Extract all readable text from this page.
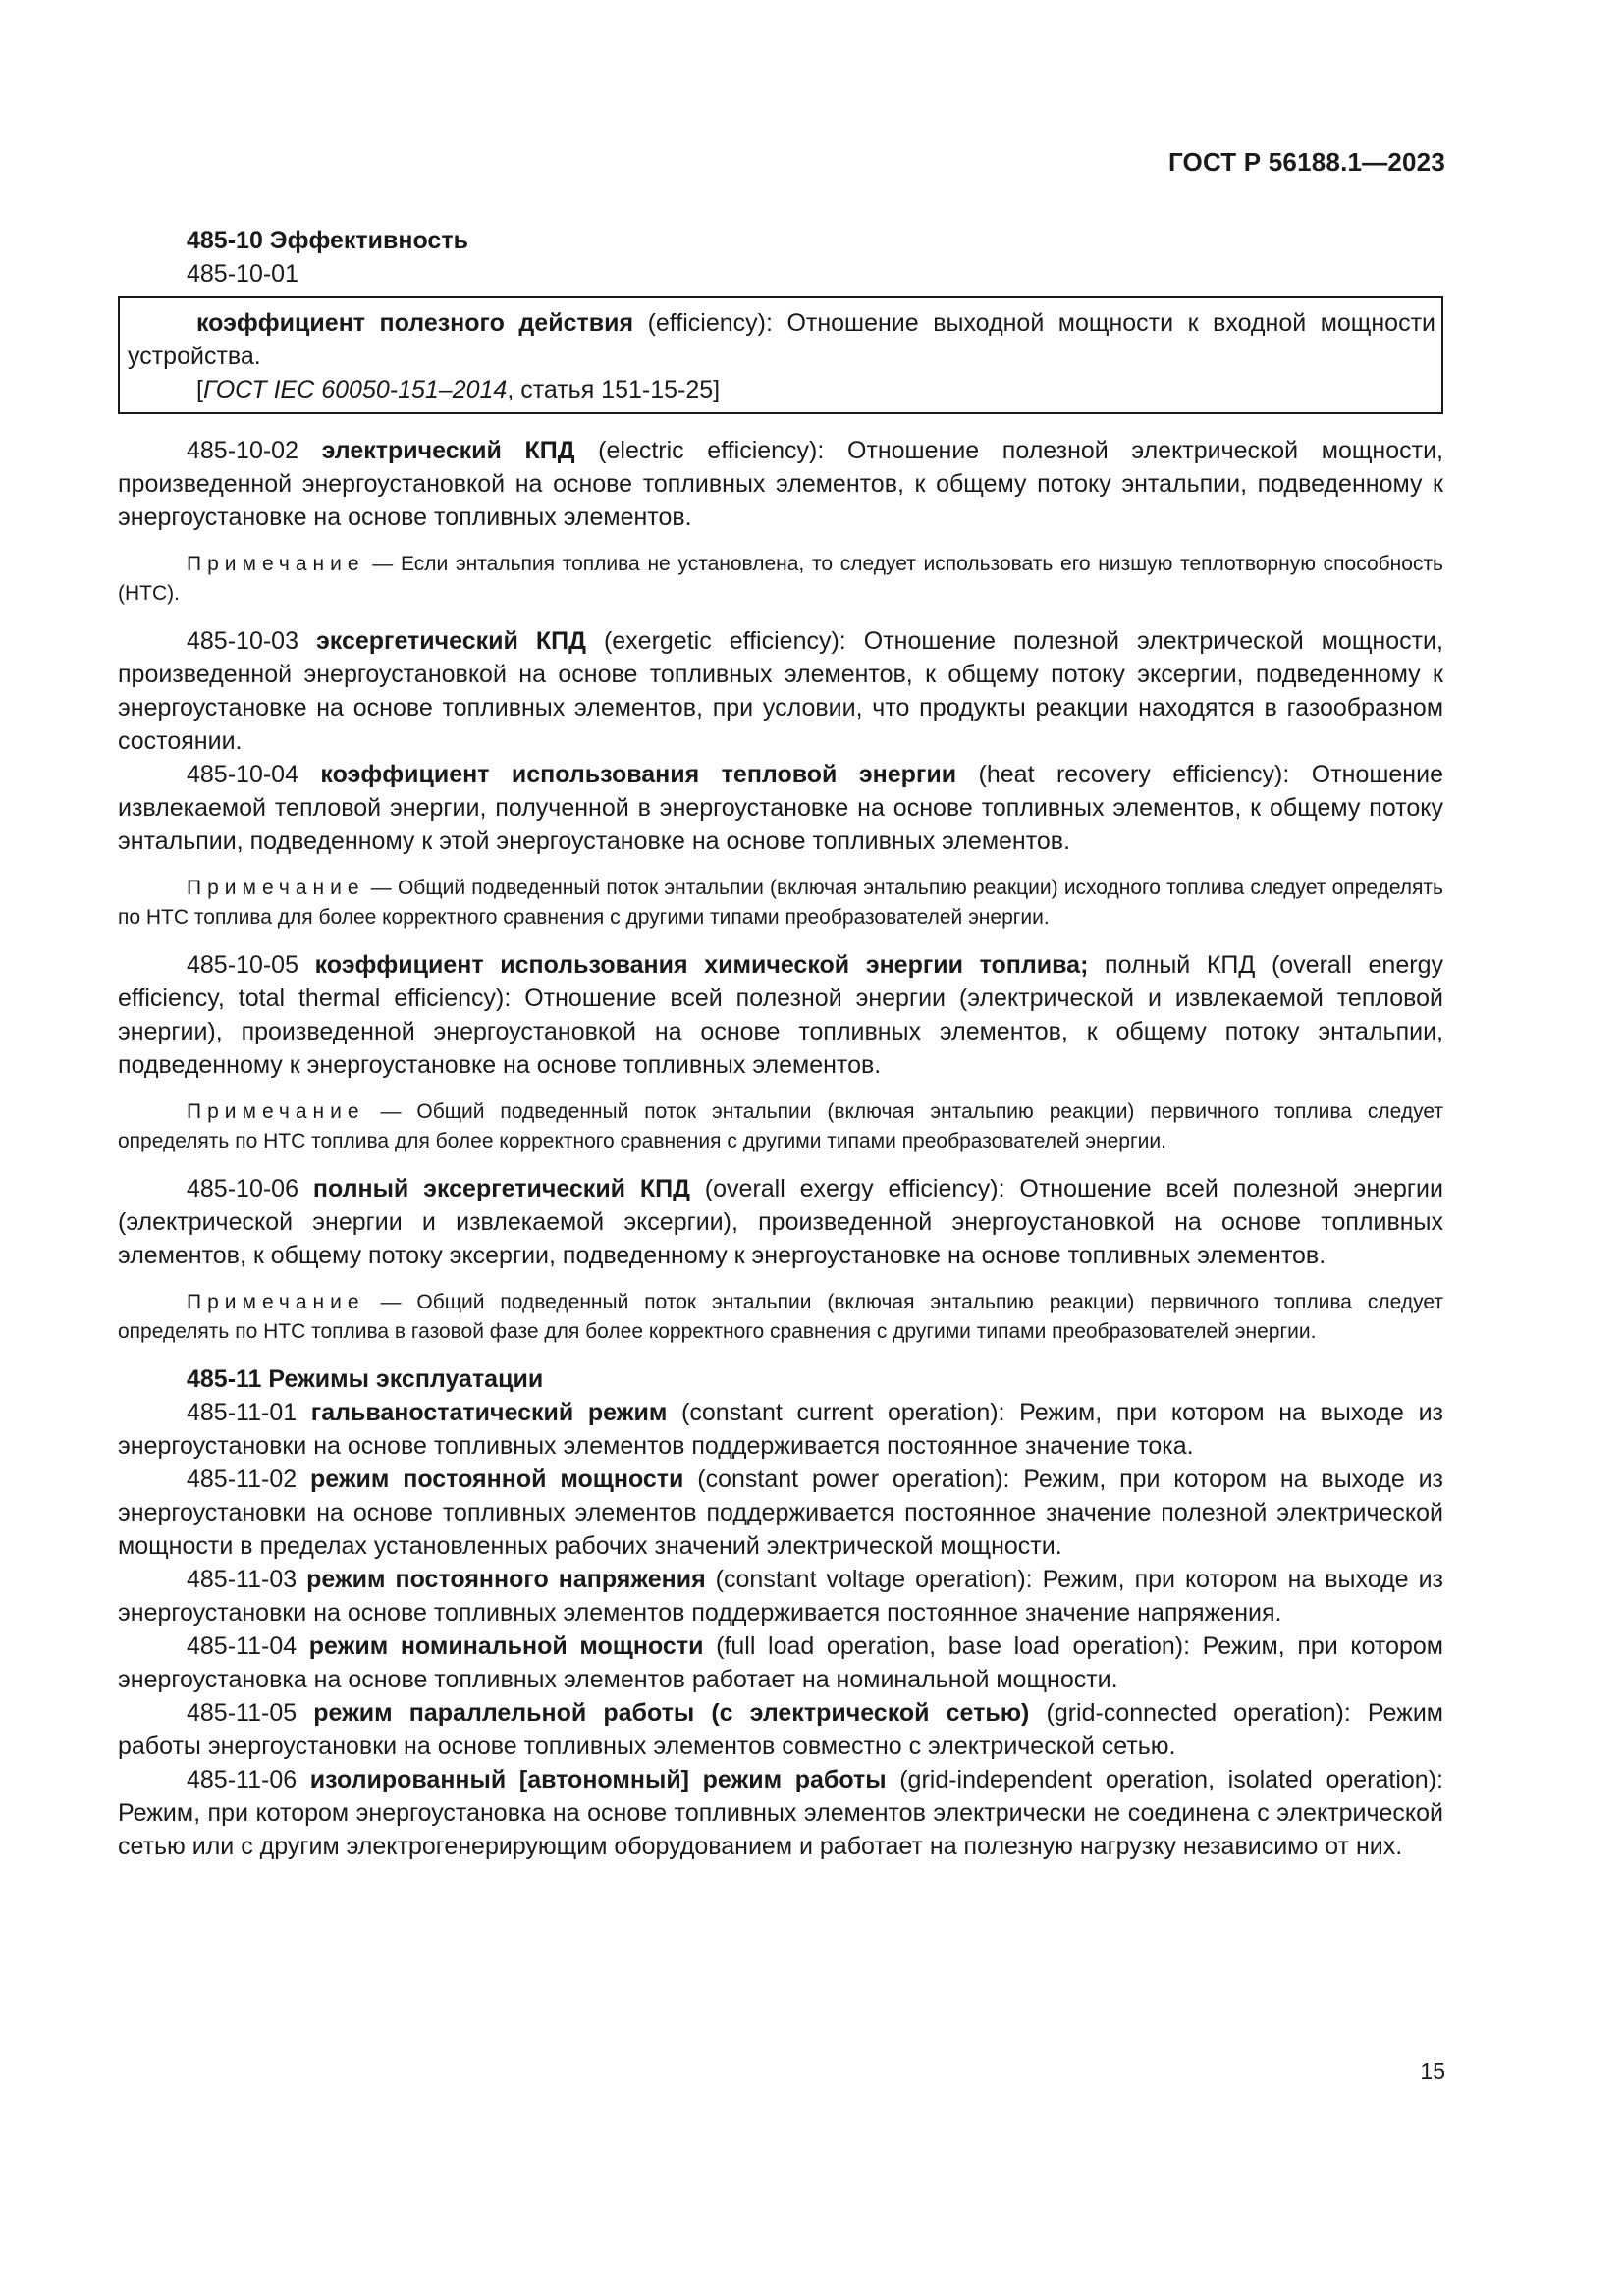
ГОСТ Р 56188.1—2023
485-10 Эффективность
485-10-01

коэффициент полезного действия (efficiency): Отношение выходной мощности к входной мощности устройства.

[ГОСТ IEC 60050-151–2014, статья 151-15-25]

485-10-02 электрический КПД (electric efficiency): Отношение полезной электрической мощности, произведенной энергоустановкой на основе топливных элементов, к общему потоку энтальпии, подведенному к энергоустановке на основе топливных элементов.

Примечание — Если энтальпия топлива не установлена, то следует использовать его низшую теплотворную способность (НТС).

485-10-03 эксергетический КПД (exergetic efficiency): Отношение полезной электрической мощности, произведенной энергоустановкой на основе топливных элементов, к общему потоку эксергии, подведенному к энергоустановке на основе топливных элементов, при условии, что продукты реакции находятся в газообразном состоянии.

485-10-04 коэффициент использования тепловой энергии (heat recovery efficiency): Отношение извлекаемой тепловой энергии, полученной в энергоустановке на основе топливных элементов, к общему потоку энтальпии, подведенному к этой энергоустановке на основе топливных элементов.

Примечание — Общий подведенный поток энтальпии (включая энтальпию реакции) исходного топлива следует определять по НТС топлива для более корректного сравнения с другими типами преобразователей энергии.

485-10-05 коэффициент использования химической энергии топлива; полный КПД (overall energy efficiency, total thermal efficiency): Отношение всей полезной энергии (электрической и извлекаемой тепловой энергии), произведенной энергоустановкой на основе топливных элементов, к общему потоку энтальпии, подведенному к энергоустановке на основе топливных элементов.

Примечание — Общий подведенный поток энтальпии (включая энтальпию реакции) первичного топлива следует определять по НТС топлива для более корректного сравнения с другими типами преобразователей энергии.

485-10-06 полный эксергетический КПД (overall exergy efficiency): Отношение всей полезной энергии (электрической энергии и извлекаемой эксергии), произведенной энергоустановкой на основе топливных элементов, к общему потоку эксергии, подведенному к энергоустановке на основе топливных элементов.

Примечание — Общий подведенный поток энтальпии (включая энтальпию реакции) первичного топлива следует определять по НТС топлива в газовой фазе для более корректного сравнения с другими типами преобразователей энергии.

485-11 Режимы эксплуатации

485-11-01 гальваностатический режим (constant current operation): Режим, при котором на выходе из энергоустановки на основе топливных элементов поддерживается постоянное значение тока.

485-11-02 режим постоянной мощности (constant power operation): Режим, при котором на выходе из энергоустановки на основе топливных элементов поддерживается постоянное значение полезной электрической мощности в пределах установленных рабочих значений электрической мощности.

485-11-03 режим постоянного напряжения (constant voltage operation): Режим, при котором на выходе из энергоустановки на основе топливных элементов поддерживается постоянное значение напряжения.

485-11-04 режим номинальной мощности (full load operation, base load operation): Режим, при котором энергоустановка на основе топливных элементов работает на номинальной мощности.

485-11-05 режим параллельной работы (с электрической сетью) (grid-connected operation): Режим работы энергоустановки на основе топливных элементов совместно с электрической сетью.

485-11-06 изолированный [автономный] режим работы (grid-independent operation, isolated operation): Режим, при котором энергоустановка на основе топливных элементов электрически не соединена с электрической сетью или с другим электрогенерирующим оборудованием и работает на полезную нагрузку независимо от них.

15
